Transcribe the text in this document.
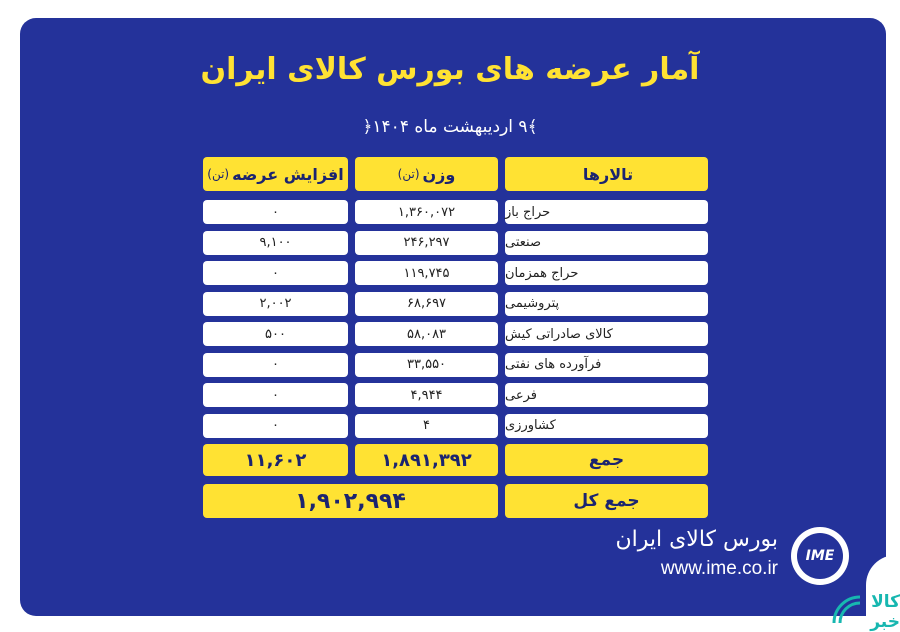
آمار عرضه های بورس کالای ایران
﴾۹ اردیبهشت ماه ۱۴۰۴﴿
IME
بورس کالای ایران
www.ime.co.ir
کالا خبر
تالارها
وزن
(تن)
افزایش عرضه
(تن)
حراج باز
۱,۳۶۰,۰۷۲
۰
صنعتی
۲۴۶,۲۹۷
۹,۱۰۰
حراج همزمان
۱۱۹,۷۴۵
۰
پتروشیمی
۶۸,۶۹۷
۲,۰۰۲
کالای صادراتی کیش
۵۸,۰۸۳
۵۰۰
فرآورده های نفتی
۳۳,۵۵۰
۰
فرعی
۴,۹۴۴
۰
کشاورزی
۴
۰
جمع
۱,۸۹۱,۳۹۲
۱۱,۶۰۲
جمع کل
۱,۹۰۲,۹۹۴
